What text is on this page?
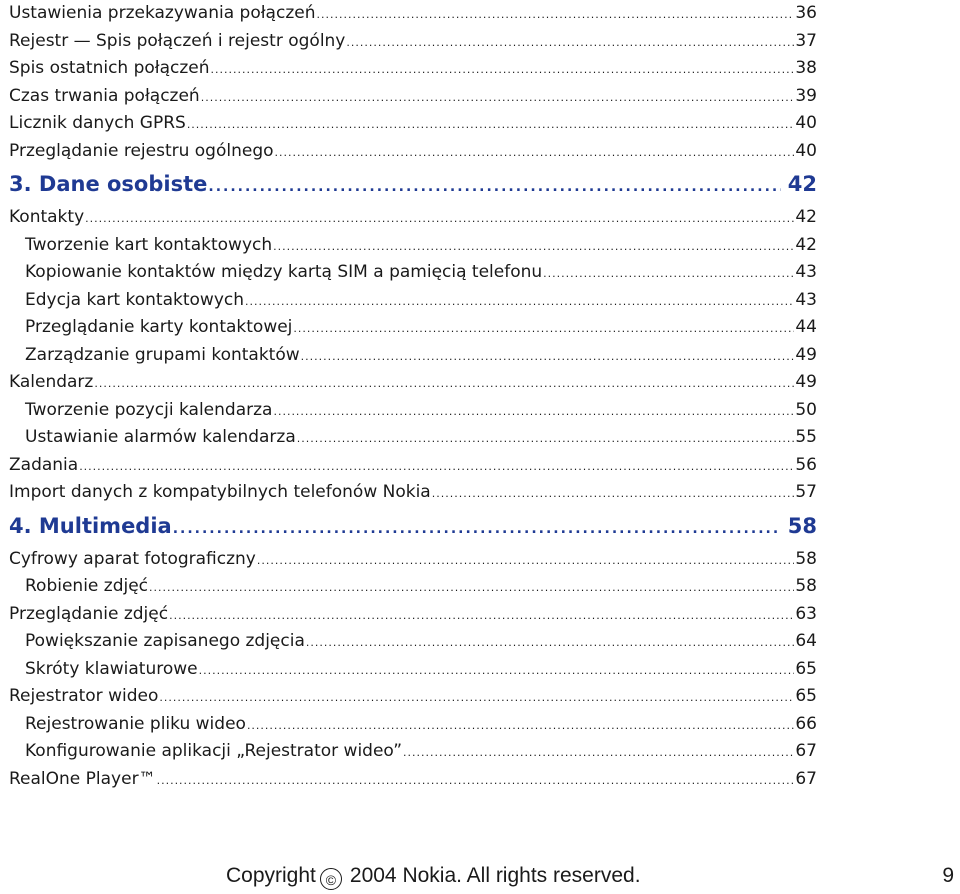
Ustawienia przekazywania połączeń .....	36
Rejestr — Spis połączeń i rejestr ogólny .....	37
Spis ostatnich połączeń .....	38
Czas trwania połączeń .....	39
Licznik danych GPRS .....	40
Przeglądanie rejestru ogólnego .....	40
3. Dane osobiste .....	42
Kontakty .....	42
Tworzenie kart kontaktowych .....	42
Kopiowanie kontaktów między kartą SIM a pamięcią telefonu .....	43
Edycja kart kontaktowych .....	43
Przeglądanie karty kontaktowej .....	44
Zarządzanie grupami kontaktów .....	49
Kalendarz .....	49
Tworzenie pozycji kalendarza .....	50
Ustawianie alarmów kalendarza .....	55
Zadania .....	56
Import danych z kompatybilnych telefonów Nokia .....	57
4. Multimedia .....	58
Cyfrowy aparat fotograficzny .....	58
Robienie zdjęć .....	58
Przeglądanie zdjęć .....	63
Powiększanie zapisanego zdjęcia .....	64
Skróty klawiaturowe .....	65
Rejestrator wideo .....	65
Rejestrowanie pliku wideo .....	66
Konfigurowanie aplikacji „Rejestrator wideo” .....	67
RealOne Player™ .....	67
Copyright © 2004 Nokia. All rights reserved.	9
